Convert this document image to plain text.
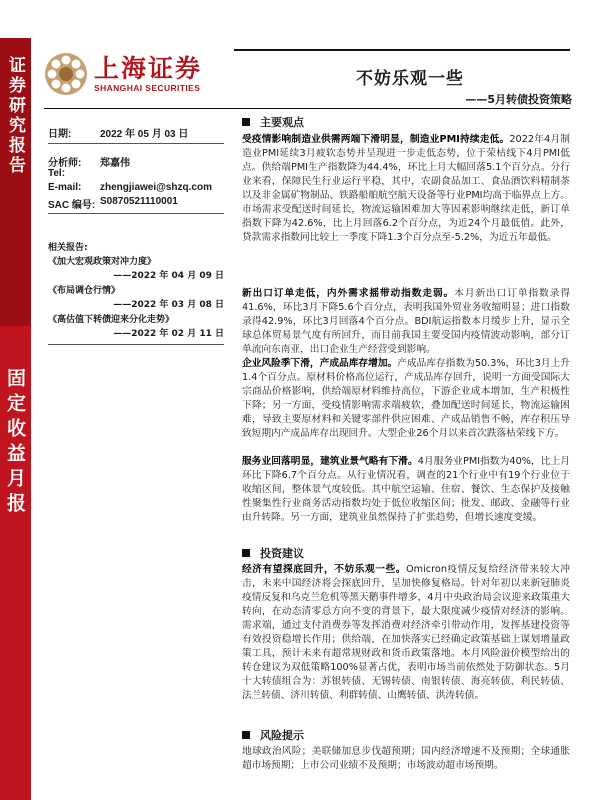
证券研究报告
固定收益月报
上海证券
SHANGHAI SECURITIES	不妨乐观一些
——5月转债投资策略
日期:	2022 年 05 月 03 日
分析师: 郑嘉伟
Tel:
E-mail: zhengjiawei@shzq.com
SAC 编号: S0870521110001
相关报告:
《加大宏观政策对冲力度》
——2022 年 04 月 09 日
《布局调仓行情》
——2022 年 03 月 08 日
《高估值下转债迎来分化走势》
——2022 年 02 月 11 日
主要观点
受疫情影响制造业供需两端下滑明显，制造业PMI持续走低。2022年4月制造业PMI延续3月疲软态势并呈现进一步走低态势，位于荣枯线下4月PMI低点。供给端PMI生产指数降为44.4%，环比上月大幅回落5.1个百分点。分行业来看，保障民生行业运行平稳，其中，农副食品加工、食品酒饮料精制茶以及非金属矿物制品、铁路船舶航空航天设备等行业PMI均高于临界点上方。市场需求受配送时间延长，物流运输困难加大等因素影响继续走低，新订单指数下降为42.6%，比上月回落6.2个百分点，为近24个月最低值。此外，贷款需求指数同比较上一季度下降1.3个百分点至-5.2%，为近五年最低。
新出口订单走低，内外需求摇带动指数走弱。本月新出口订单指数录得41.6%，环比3月下降5.6个百分点，表明我国外贸业务收缩明显；进口指数录得42.9%，环比3月回落4个百分点。BDI航运指数本月缓步上升，显示全球总体贸易景气度有所回升，而目前我国主要受国内疫情波动影响，部分订单流向东南亚，出口企业生产经营受到影响。
企业风险季下滑，产成品库存增加。产成品库存指数为50.3%，环比3月上升1.4个百分点。原材料价格高位运行，产成品库存回升，说明一方面受国际大宗商品价格影响，供给端原材料维持高位，下游企业成本增加，生产积极性下降；另一方面，受疫情影响需求端疲软，叠加配送时间延长，物流运输困难，导致主要原材料和关键零部件供应困难、产成品销售不畅，库存积压导致短期内产成品库存出现回升。大型企业26个月以来首次跌落枯荣线下方。
服务业回落明显，建筑业景气略有下滑。4月服务业PMI指数为40%，比上月环比下降6.7个百分点。从行业情况看，调查的21个行业中有19个行业位于收缩区间，整体景气度较低。其中航空运输、住宿、餐饮、生态保护及接触性聚集性行业商务活动指数均处于低位收缩区间；批发、邮政、金融等行业由升转降。另一方面，建筑业虽然保持了扩张趋势，但增长速度变缓。
投资建议
经济有望探底回升，不妨乐观一些。Omicron疫情反复给经济带来较大冲击，未来中国经济将会探底回升，呈加快修复格局。针对年初以来新冠肺炎疫情反复和乌克兰危机等黑天鹅事件增多，4月中央政治局会议迎来政策重大转向，在动态清零总方向不变的背景下，最大限度减少疫情对经济的影响。需求端，通过支付消费券等发挥消费对经济牵引带动作用，发挥基建投资等有效投资稳增长作用；供给端，在加快落实已经确定政策基础上谋划增量政策工具，预计未来有超常规财政和货币政策落地。本月风险溢价模型给出的转仓建议为双低策略100%显著占优，表明市场当前依然处于防御状态。5月十大转债组合为：苏银转债、无锡转债、南银转债、海亮转债、利民转债、法兰转债、济川转债、利群转债、山鹰转债、洪涛转债。
风险提示
地球政治风险；美联储加息步伐超预期；国内经济增速不及预期；全球通胀超市场预期；上市公司业绩不及预期；市场波动超市场预期。
